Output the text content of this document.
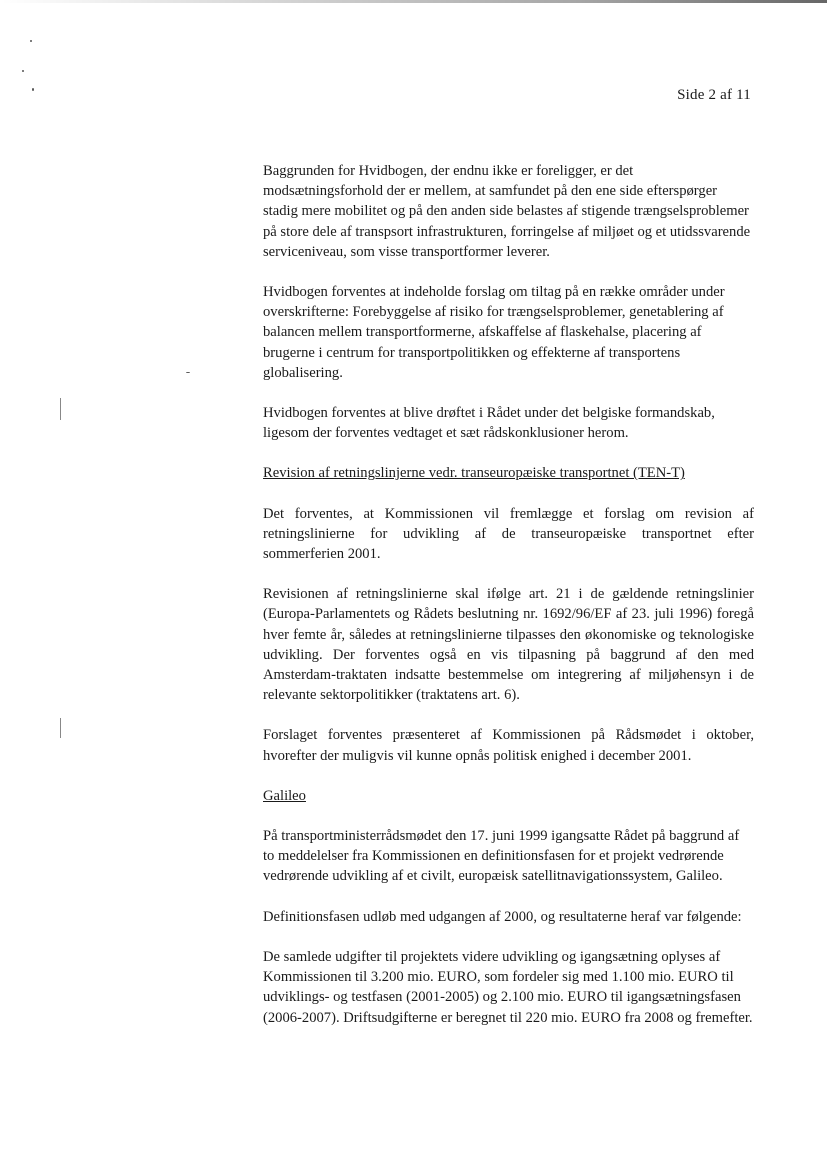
Side 2 af 11

Baggrunden for Hvidbogen, der endnu ikke er foreligger, er det modsætningsforhold der er mellem, at samfundet på den ene side efterspørger stadig mere mobilitet og på den anden side belastes af stigende trængselsproblemer på store dele af transpsort infrastrukturen, forringelse af miljøet og et utidssvarende serviceniveau, som visse transportformer leverer.

Hvidbogen forventes at indeholde forslag om tiltag på en række områder under overskrifterne: Forebyggelse af risiko for trængselsproblemer, genetablering af balancen mellem transportformerne, afskaffelse af flaskehalse, placering af brugerne i centrum for transportpolitikken og effekterne af transportens globalisering.

Hvidbogen forventes at blive drøftet i Rådet under det belgiske formandskab, ligesom der forventes vedtaget et sæt rådskonklusioner herom.

Revision af retningslinjerne vedr. transeuropæiske transportnet (TEN-T)

Det forventes, at Kommissionen vil fremlægge et forslag om revision af retningslinierne for udvikling af de transeuropæiske transportnet efter sommerferien 2001.

Revisionen af retningslinierne skal ifølge art. 21 i de gældende retningslinier (Europa-Parlamentets og Rådets beslutning nr. 1692/96/EF af 23. juli 1996) foregå hver femte år, således at retningslinierne tilpasses den økonomiske og teknologiske udvikling. Der forventes også en vis tilpasning på baggrund af den med Amsterdam-traktaten indsatte bestemmelse om integrering af miljøhensyn i de relevante sektorpolitikker (traktatens art. 6).

Forslaget forventes præsenteret af Kommissionen på Rådsmødet i oktober, hvorefter der muligvis vil kunne opnås politisk enighed i december 2001.

Galileo

På transportministerrådsmødet den 17. juni 1999 igangsatte Rådet på baggrund af to meddelelser fra Kommissionen en definitionsfasen for et projekt vedrørende vedrørende udvikling af et civilt, europæisk satellitnavigationssystem, Galileo.

Definitionsfasen udløb med udgangen af 2000, og resultaterne heraf var følgende:

De samlede udgifter til projektets videre udvikling og igangsætning oplyses af Kommissionen til 3.200 mio. EURO, som fordeler sig med 1.100 mio. EURO til udviklings- og testfasen (2001-2005) og 2.100 mio. EURO til igangsætningsfasen (2006-2007). Driftsudgifterne er beregnet til 220 mio. EURO fra 2008 og fremefter.
